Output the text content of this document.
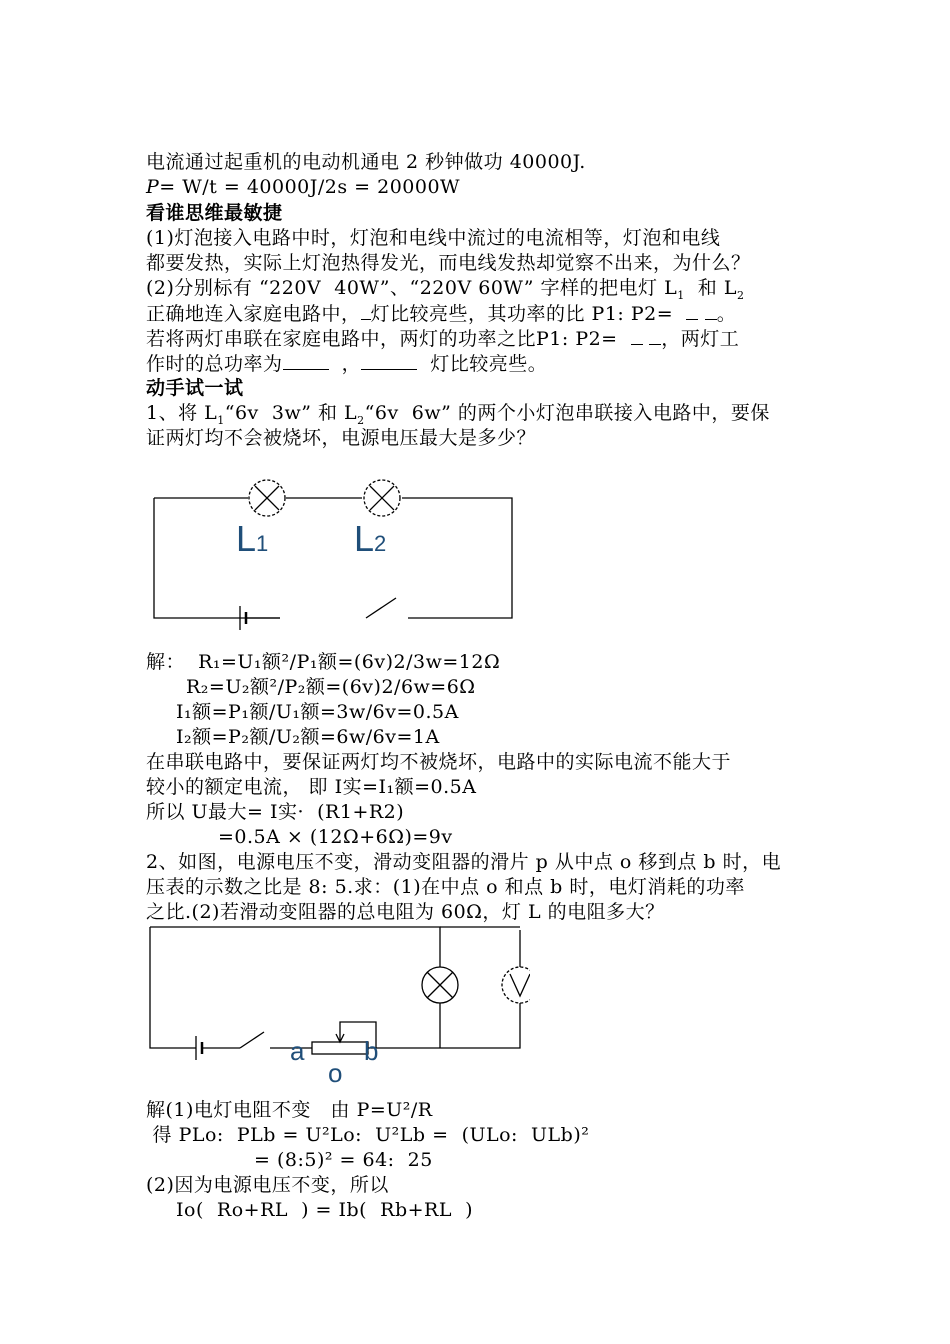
电流通过起重机的电动机通电 2 秒钟做功 40000J.
P= W/t = 40000J/2s = 20000W
看谁思维最敏捷
(1)灯泡接入电路中时，灯泡和电线中流过的电流相等，灯泡和电线
都要发热，实际上灯泡热得发光，而电线发热却觉察不出来，为什么？
(2)分别标有 “220V  40W”、“220V 60W” 字样的把电灯 $L_1$  和 $L_2$
正确地连入家庭电路中， 灯比较亮些，其功率的比 P1: P2=   。
若将两灯串联在家庭电路中，两灯的功率之比P1: P2=   ，两灯工
作时的总功率为  ，	灯比较亮些。
动手试一试
1、将 $L_1“6v$  3w” 和 $L_2“6v$  6w” 的两个小灯泡串联接入电路中，要保
证两灯均不会被烧坏，电源电压最大是多少？
L1 L2
解：  R₁=U₁额²/P₁额=(6v)2/3w=12Ω
R₂=U₂额²/P₂额=(6v)2/6w=6Ω
I₁额=P₁额/U₁额=3w/6v=0.5A
I₂额=P₂额/U₂额=6w/6v=1A
在串联电路中，要保证两灯均不被烧坏，电路中的实际电流不能大于
较小的额定电流， 即 I实=I₁额=0.5A
所以 U最大= I实·  (R1+R2)
=0.5A × (12Ω+6Ω)=9v
2、如图，电源电压不变，滑动变阻器的滑片 p 从中点 o 移到点 b 时，电
压表的示数之比是 8: 5.求：(1)在中点 o 和点 b 时，电灯消耗的功率
之比.(2)若滑动变阻器的总电阻为 60Ω，灯 L 的电阻多大？
a b
o
解(1)电灯电阻不变   由 P=U²/R
得 PLo:  PLb = U²Lo:  U²Lb =  (ULo:  ULb)²
= (8:5)² = 64:  25
(2)因为电源电压不变，所以
Io(  Ro+RL  ) = Ib(  Rb+RL  )
